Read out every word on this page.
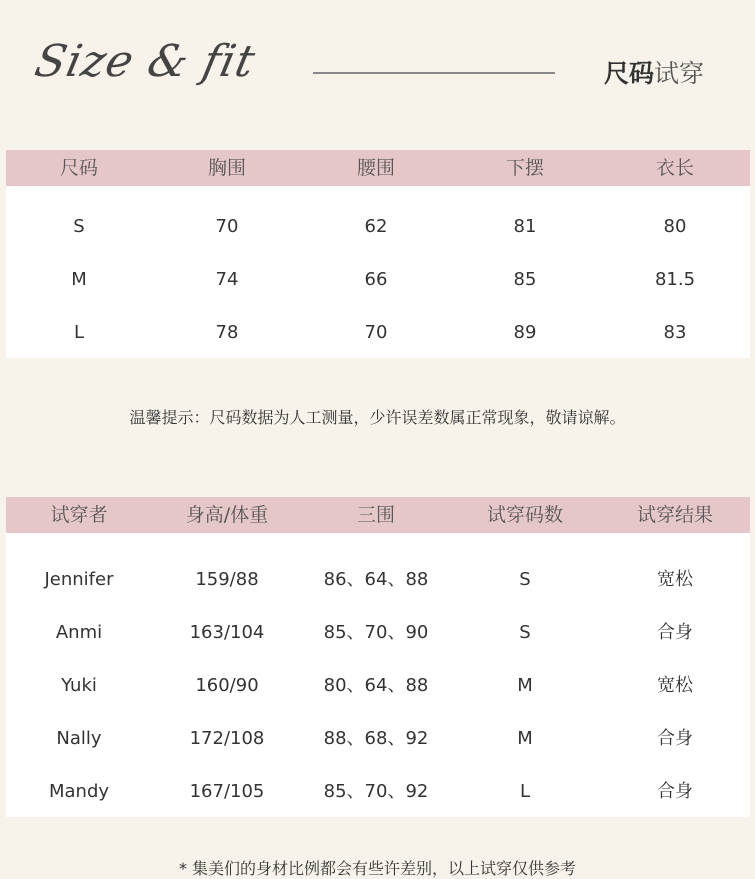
Size & fit	尺码试穿
尺码	胸围	腰围	下摆	衣长
S	70	62	81	80
M	74	66	85	81.5
L	78	70	89	83
温馨提示：尺码数据为人工测量，少许误差数属正常现象，敬请谅解。
试穿者	身高/体重	三围	试穿码数	试穿结果
Jennifer	159/88	86、64、88	S	宽松
Anmi	163/104	85、70、90	S	合身
Yuki	160/90	80、64、88	M	宽松
Nally	172/108	88、68、92	M	合身
Mandy	167/105	85、70、92	L	合身
* 集美们的身材比例都会有些许差别，以上试穿仅供参考
